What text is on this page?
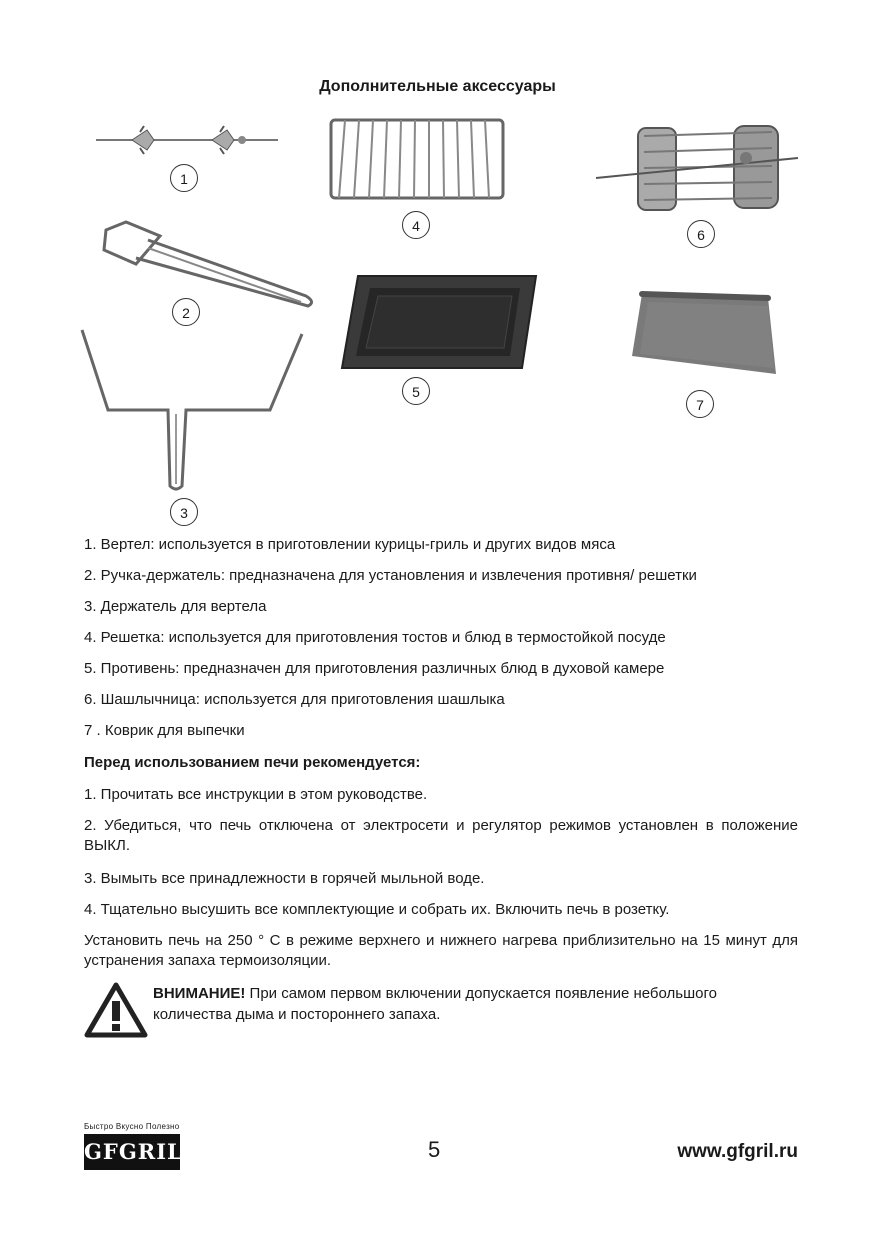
Дополнительные аксессуары
1
2
3
4
5
6
7

1. Вертел: используется в приготовлении курицы-гриль и других видов мяса

2. Ручка-держатель: предназначена для установления и извлечения противня/ решетки

3. Держатель для вертела

4. Решетка: используется для приготовления тостов и блюд в термостойкой посуде

5. Противень: предназначен для приготовления различных блюд в духовой камере

6. Шашлычница: используется для приготовления шашлыка

7 . Коврик для выпечки

Перед использованием печи рекомендуется:

1. Прочитать все инструкции в этом руководстве.

2. Убедиться, что печь отключена от электросети и регулятор режимов установлен в положение ВЫКЛ.

3. Вымыть все принадлежности в горячей мыльной воде.

4. Тщательно высушить все комплектующие и собрать их. Включить печь в розетку.

Установить печь на 250 ° С в режиме верхнего и нижнего нагрева приблизительно на 15 минут для устранения запаха термоизоляции.
ВНИМАНИЕ! При самом первом включении допускается появление небольшого количества дыма и постороннего запаха.
Быстро Вкусно Полезно
GFGRIL	5	www.gfgril.ru
